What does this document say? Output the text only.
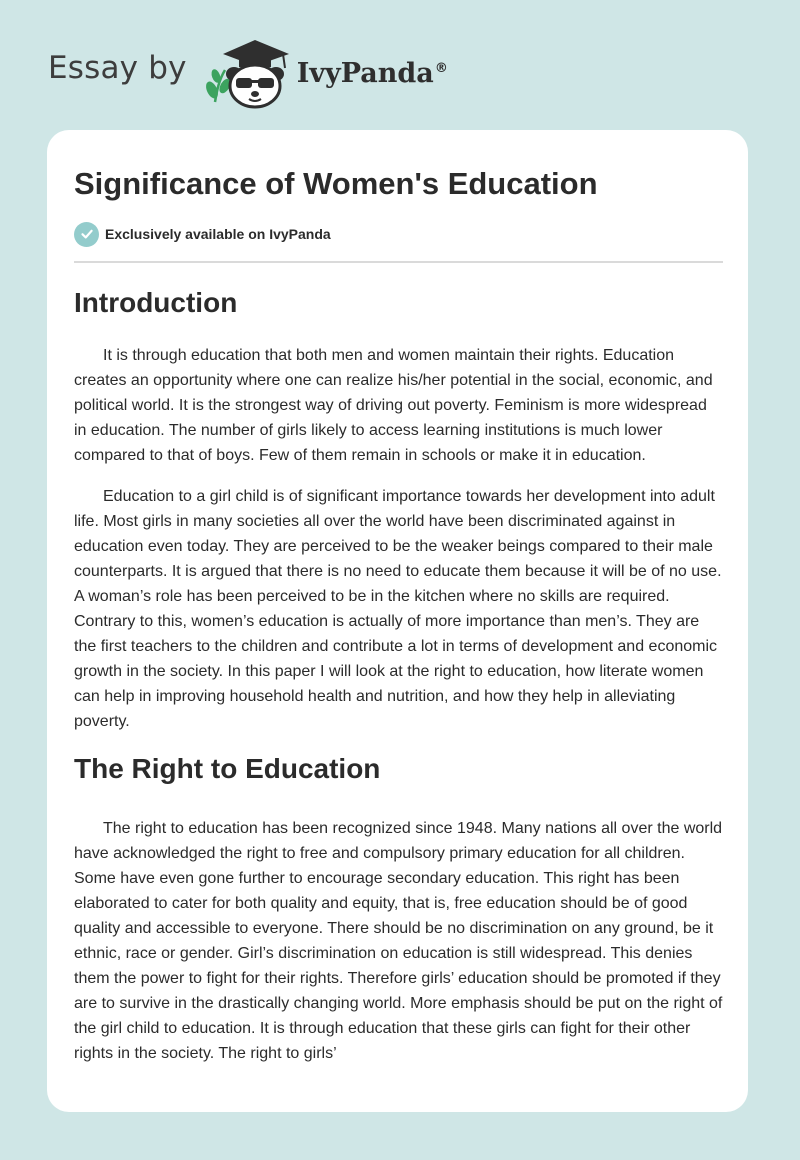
Essay by	IvyPanda®
Significance of Women's Education
Exclusively available on IvyPanda
Introduction

It is through education that both men and women maintain their rights. Education creates an opportunity where one can realize his/her potential in the social, economic, and political world. It is the strongest way of driving out poverty. Feminism is more widespread in education. The number of girls likely to access learning institutions is much lower compared to that of boys. Few of them remain in schools or make it in education.

Education to a girl child is of significant importance towards her development into adult life. Most girls in many societies all over the world have been discriminated against in education even today. They are perceived to be the weaker beings compared to their male counterparts. It is argued that there is no need to educate them because it will be of no use. A woman’s role has been perceived to be in the kitchen where no skills are required. Contrary to this, women’s education is actually of more importance than men’s. They are the first teachers to the children and contribute a lot in terms of development and economic growth in the society. In this paper I will look at the right to education, how literate women can help in improving household health and nutrition, and how they help in alleviating poverty.

The Right to Education

The right to education has been recognized since 1948. Many nations all over the world have acknowledged the right to free and compulsory primary education for all children. Some have even gone further to encourage secondary education. This right has been elaborated to cater for both quality and equity, that is, free education should be of good quality and accessible to everyone. There should be no discrimination on any ground, be it ethnic, race or gender. Girl’s discrimination on education is still widespread. This denies them the power to fight for their rights. Therefore girls’ education should be promoted if they are to survive in the drastically changing world. More emphasis should be put on the right of the girl child to education. It is through education that these girls can fight for their other rights in the society. The right to girls’
